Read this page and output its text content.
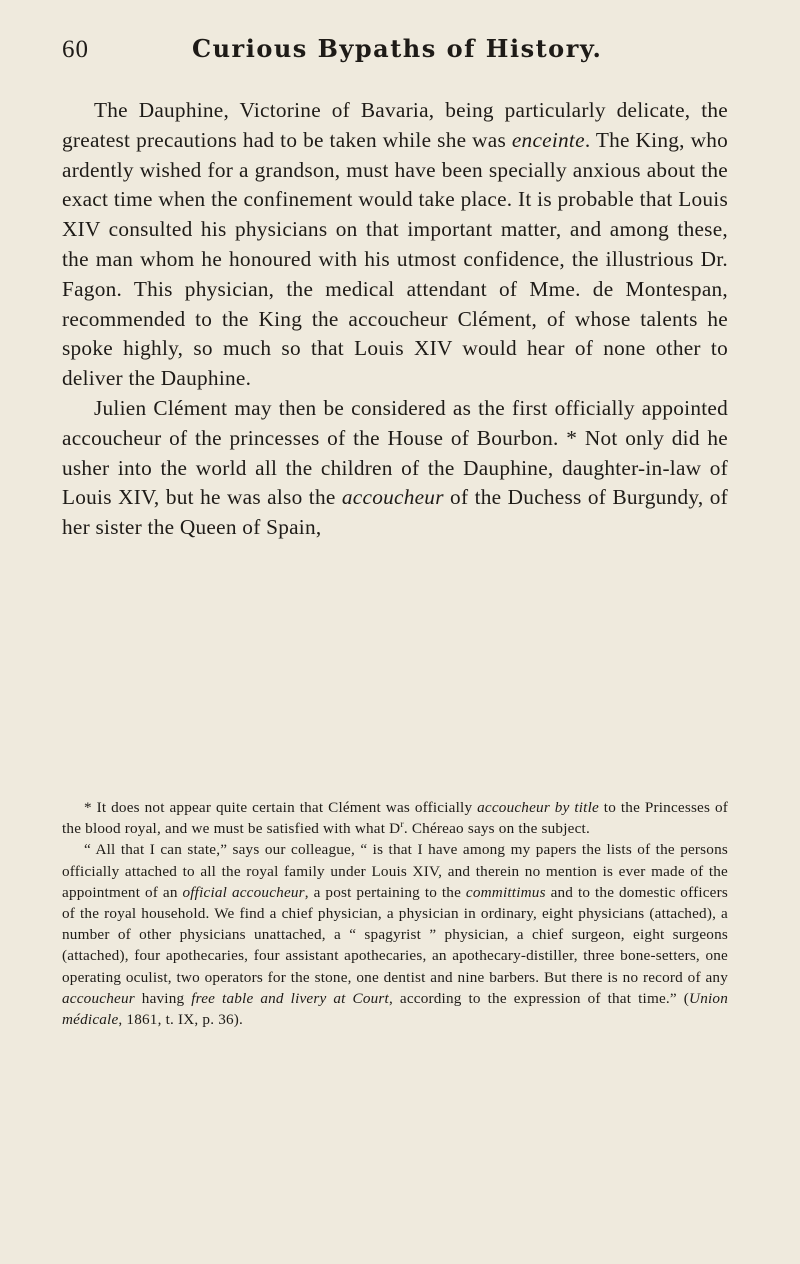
60	Curious Bypaths of History.

The Dauphine, Victorine of Bavaria, being particularly delicate, the greatest precautions had to be taken while she was enceinte. The King, who ardently wished for a grandson, must have been specially anxious about the exact time when the confinement would take place. It is probable that Louis XIV consulted his physicians on that important matter, and among these, the man whom he honoured with his utmost confidence, the illustrious Dr. Fagon. This physician, the medical attendant of Mme. de Montespan, recommended to the King the accoucheur Clément, of whose talents he spoke highly, so much so that Louis XIV would hear of none other to deliver the Dauphine.

Julien Clément may then be considered as the first officially appointed accoucheur of the princesses of the House of Bourbon. * Not only did he usher into the world all the children of the Dauphine, daughter-in-law of Louis XIV, but he was also the accoucheur of the Duchess of Burgundy, of her sister the Queen of Spain,

* It does not appear quite certain that Clément was officially accoucheur by title to the Princesses of the blood royal, and we must be satisfied with what $D^r$. Chéreao says on the subject.

“ All that I can state,” says our colleague, “ is that I have among my papers the lists of the persons officially attached to all the royal family under Louis XIV, and therein no mention is ever made of the appointment of an official accoucheur, a post pertaining to the committimus and to the domestic officers of the royal household. We find a chief physician, a physician in ordinary, eight physicians (attached), a number of other physicians unattached, a “ spagyrist ” physician, a chief surgeon, eight surgeons (attached), four apothecaries, four assistant apothecaries, an apothecary-distiller, three bone-setters, one operating oculist, two operators for the stone, one dentist and nine barbers. But there is no record of any accoucheur having free table and livery at Court, according to the expression of that time.” (Union médicale, 1861, t. IX, p. 36).
